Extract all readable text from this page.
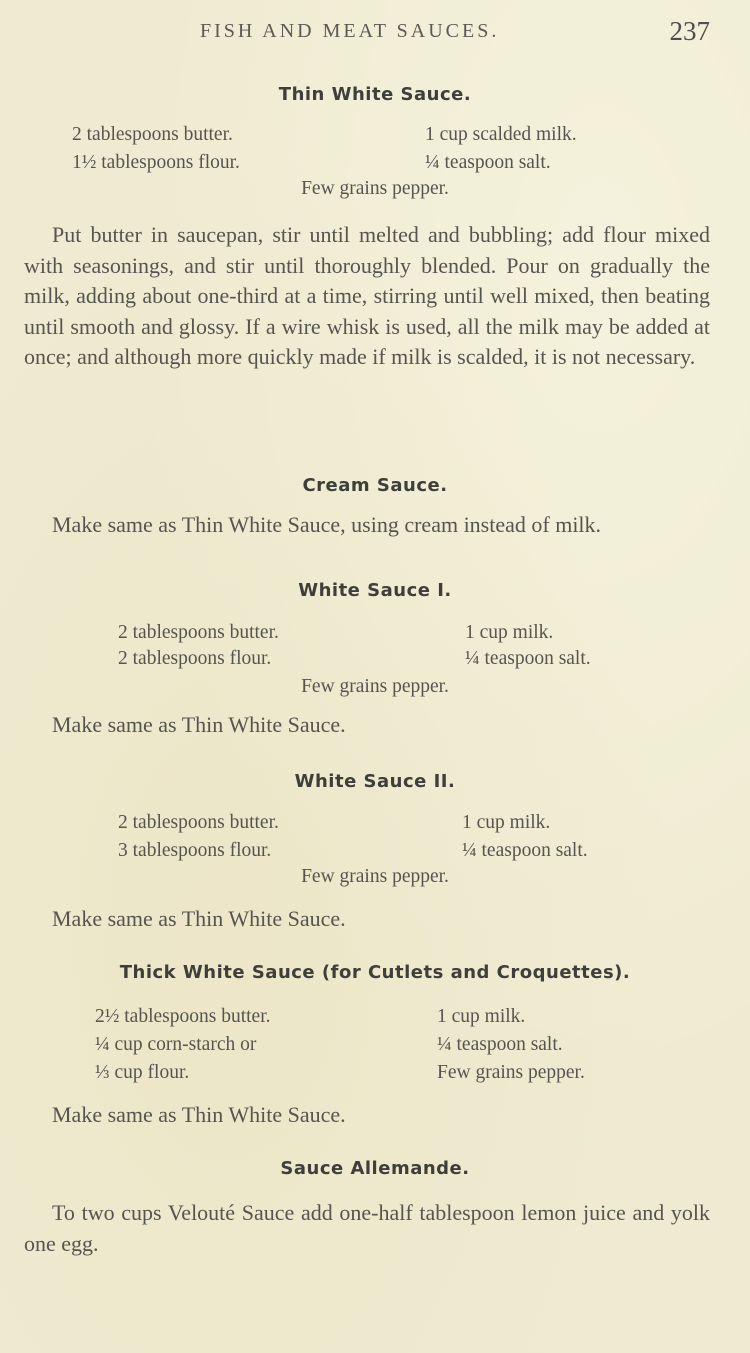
FISH AND MEAT SAUCES.	237
Thin White Sauce.
2 tablespoons butter.	1 cup scalded milk.
1½ tablespoons flour.	¼ teaspoon salt.
Few grains pepper.

Put butter in saucepan, stir until melted and bubbling; add flour mixed with seasonings, and stir until thoroughly blended. Pour on gradually the milk, adding about one-third at a time, stirring until well mixed, then beating until smooth and glossy. If a wire whisk is used, all the milk may be added at once; and although more quickly made if milk is scalded, it is not necessary.

Cream Sauce.

Make same as Thin White Sauce, using cream instead of milk.

White Sauce I.
2 tablespoons butter.	1 cup milk.
2 tablespoons flour.	¼ teaspoon salt.
Few grains pepper.

Make same as Thin White Sauce.

White Sauce II.
2 tablespoons butter.	1 cup milk.
3 tablespoons flour.	¼ teaspoon salt.
Few grains pepper.

Make same as Thin White Sauce.

Thick White Sauce (for Cutlets and Croquettes).
2½ tablespoons butter.	1 cup milk.
¼ cup corn-starch or	¼ teaspoon salt.
⅓ cup flour.	Few grains pepper.

Make same as Thin White Sauce.

Sauce Allemande.

To two cups Velouté Sauce add one-half tablespoon lemon juice and yolk one egg.
